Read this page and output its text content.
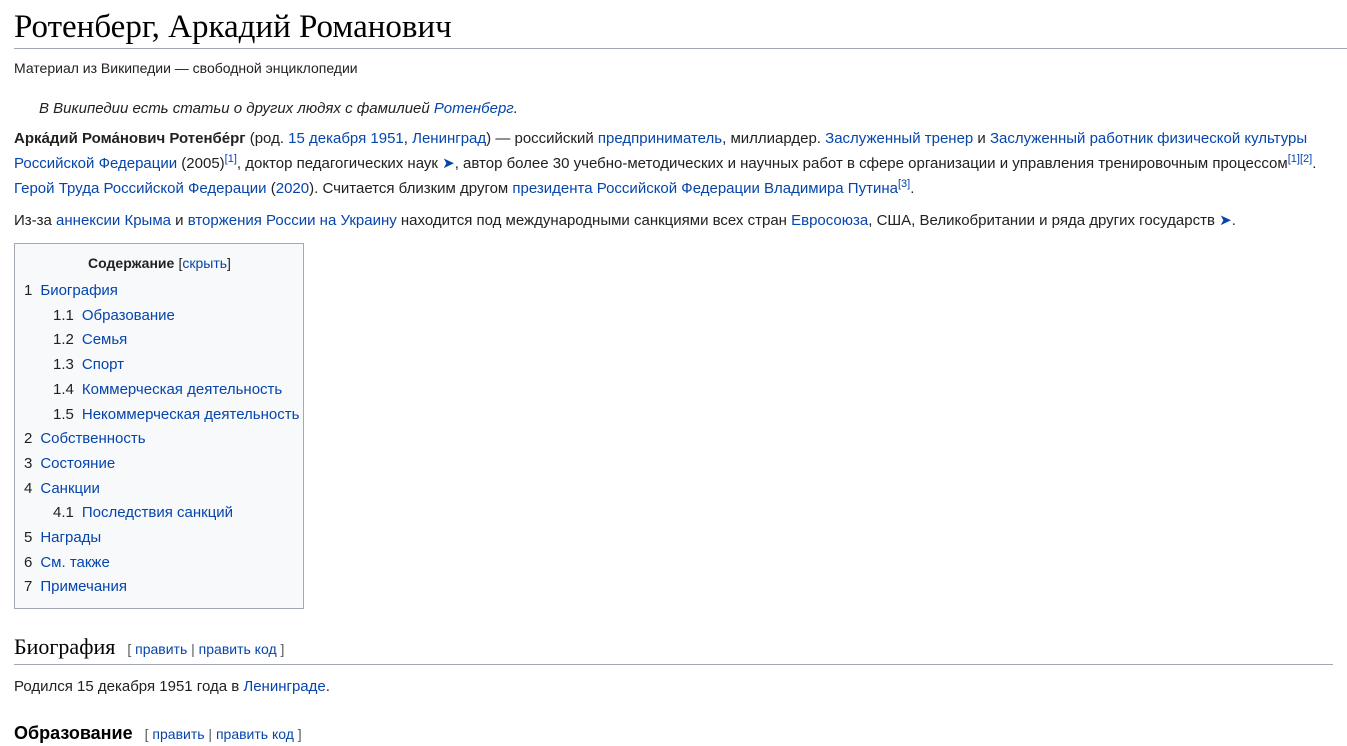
Ротенберг, Аркадий Романович
Материал из Википедии — свободной энциклопедии
В Википедии есть статьи о других людях с фамилией Ротенберг.

Арка́дий Рома́нович Ротенбе́рг (род. 15 декабря 1951, Ленинград) — российский предприниматель, миллиардер. Заслуженный тренер и Заслуженный работник физической культуры Российской Федерации (2005)[1], доктор педагогических наук ➤, автор более 30 учебно-методических и научных работ в сфере организации и управления тренировочным процессом[1][2]. Герой Труда Российской Федерации (2020). Считается близким другом президента Российской Федерации Владимира Путина[3].

Из-за аннексии Крыма и вторжения России на Украину находится под международными санкциями всех стран Евросоюза, США, Великобритании и ряда других государств ➤.

Содержание [скрыть]
1 Биография
1.1 Образование
1.2 Семья
1.3 Спорт
1.4 Коммерческая деятельность
1.5 Некоммерческая деятельность
2 Собственность
3 Состояние
4 Санкции
4.1 Последствия санкций
5 Награды
6 См. также
7 Примечания
Биография [ править | править код ]

Родился 15 декабря 1951 года в Ленинграде.

Образование [ править | править код ]
